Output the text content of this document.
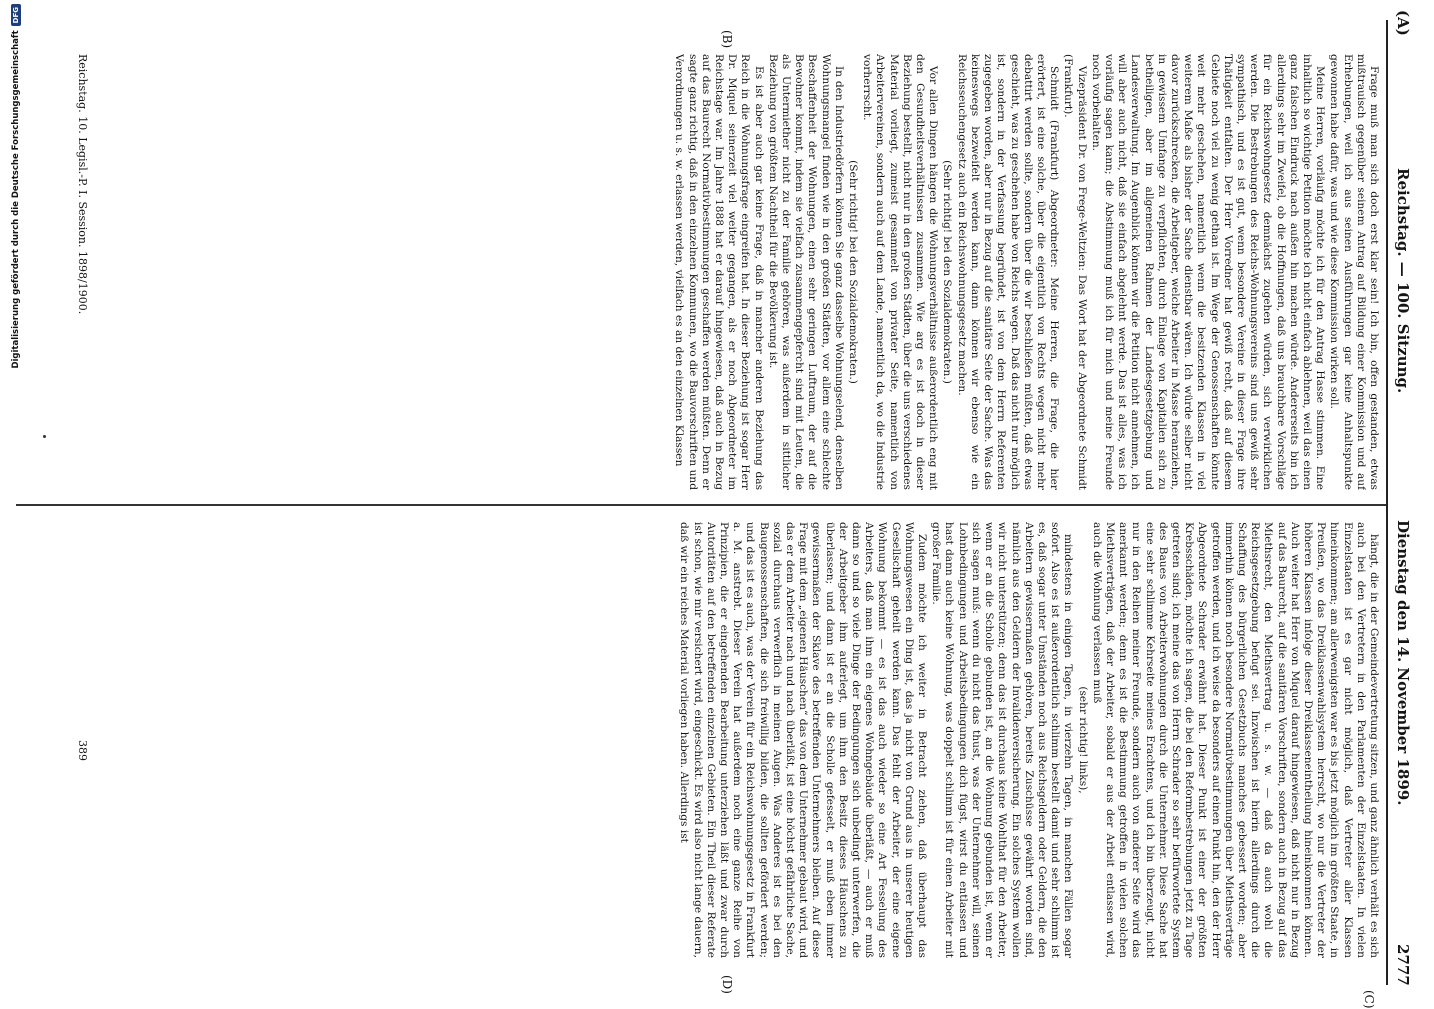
(A)
Reichstag. — 100. Sitzung.
Dienstag den 14. November 1899.
2777
(B)
(C)
(D)

Frage muß man sich doch erst klar sein! Ich bin, offen gestanden, etwas mißtrauisch gegenüber seinem Antrag auf Bildung einer Kommission und auf Erhebungen, weil ich aus seinen Ausführungen gar keine Anhaltspunkte gewonnen habe dafür, was und wie diese Kommission wirken soll.

Meine Herren, vorläufig möchte ich für den Antrag Hasse stimmen. Eine inhaltlich so wichtige Petition möchte ich nicht einfach ablehnen, weil das einen ganz falschen Eindruck nach außen hin machen würde. Andererseits bin ich allerdings sehr im Zweifel, ob die Hoffnungen, daß uns brauchbare Vorschläge für ein Reichswohngesetz demnächst zugehen würden, sich verwirklichen werden. Die Bestrebungen des Reichs-Wohnungsvereins sind uns gewiß sehr sympathisch, und es ist gut, wenn besondere Vereine in dieser Frage ihre Thätigkeit entfalten. Der Herr Vorredner hat gewiß recht, daß auf diesem Gebiete noch viel zu wenig gethan ist. Im Wege der Genossenschaften könnte weit mehr geschehen, namentlich wenn die besitzenden Klassen in viel weiterem Maße als bisher der Sache dienstbar wären. Ich würde selber nicht davor zurückschrecken, die Arbeitgeber, welche Arbeiter in Masse heranziehen, in gewissem Umfange zu verpflichten, durch Einlage von Kapitalien sich zu betheiligen, aber im allgemeinen Rahmen der Landesgesetzgebung und Landesverwaltung. Im Augenblick können wir die Petition nicht annehmen, ich will aber auch nicht, daß sie einfach abgelehnt werde. Das ist alles, was ich vorläufig sagen kann; die Abstimmung muß ich für mich und meine Freunde noch vorbehalten.

Vizepräsident Dr. von Frege-Weltzien: Das Wort hat der Abgeordnete Schmidt (Frankfurt).

Schmidt (Frankfurt) Abgeordneter: Meine Herren, die Frage, die hier erörtert, ist eine solche, über die eigentlich von Rechts wegen nicht mehr debattirt werden sollte, sondern über die wir beschließen müßten, daß etwas geschieht, was zu geschehen habe von Reichs wegen. Daß das nicht nur möglich ist, sondern in der Verfassung begründet, ist von dem Herrn Referenten zugegeben worden, aber nur in Bezug auf die sanitäre Seite der Sache. Was das keineswegs bezweifelt werden kann, dann können wir ebenso wie ein Reichsseuchengesetz auch ein Reichswohnungsgesetz machen.

(Sehr richtig! bei den Sozialdemokraten.)

Vor allen Dingen hängen die Wohnungsverhältnisse außerordentlich eng mit den Gesundheitsverhältnissen zusammen. Wie arg es ist doch in dieser Beziehung bestellt, nicht nur in den großen Städten, über die uns verschiedenes Material vorliegt, zumeist gesammelt von privater Seite, namentlich von Arbeitervereinen, sondern auch auf dem Lande, namentlich da, wo die Industrie vorherrscht.

(Sehr richtig! bei den Sozialdemokraten.)

In den Industriedörfern können Sie ganz dasselbe Wohnungselend, denselben Wohnungsmangel finden wie in den großen Städten, vor allem eine schlechte Beschaffenheit der Wohnungen, einen sehr geringen Luftraum, der auf die Bewohner kommt, indem sie vielfach zusammengepfercht sind mit Leuten, die als Untermiether nicht zu der Familie gehören, was außerdem in sittlicher Beziehung von größtem Nachtheil für die Bevölkerung ist.

Es ist aber auch gar keine Frage, daß in mancher anderen Beziehung das Reich in die Wohnungsfrage eingreifen hat. In dieser Beziehung ist sogar Herr Dr. Miquel seinerzeit viel weiter gegangen, als er noch Abgeordneter im Reichstage war. Im Jahre 1888 hat er darauf hingewiesen, daß auch in Bezug auf das Baurecht Normativbestimmungen geschaffen werden müßten. Denn er sagte ganz richtig, daß in den einzelnen Kommunen, wo die Bauvorschriften und Verordnungen u. s. w. erlassen werden, vielfach es an den einzelnen Klassen

hängt, die in der Gemeindevertretung sitzen, und ganz ähnlich verhält es sich auch bei den Vertretern in den Parlamenten der Einzelstaaten. In vielen Einzelstaaten ist es gar nicht möglich, daß Vertreter aller Klassen hineinkommen; am allerwenigsten war es bis jetzt möglich im größten Staate, in Preußen, wo das Dreiklassenwahlsystem herrscht, wo nur die Vertreter der höheren Klassen infolge dieser Dreiklasseneintheilung hineinkommen können. Auch weiter hat Herr von Miquel darauf hingewiesen, daß nicht nur in Bezug auf das Baurecht, auf die sanitären Vorschriften, sondern auch in Bezug auf das Miethsrecht, den Miethsvertrag u. s. w. — daß da auch wohl die Reichsgesetzgebung befugt sei. Inzwischen ist hierin allerdings durch die Schaffung des bürgerlichen Gesetzbuchs manches gebessert worden; aber immerhin können noch besondere Normativbestimmungen über Miethsverträge getroffen werden, und ich weise da besonders auf einen Punkt hin, den der Herr Abgeordnete Schrader erwähnt hat. Dieser Punkt ist einer der größten Krebsschäden, möchte ich sagen, die bei den Reformbestrebungen jetzt zu Tage getreten sind; ich meine das von Herrn Schrader so sehr befürwortete System des Baues von Arbeiterwohnungen durch die Unternehmer. Diese Sache hat eine sehr schlimme Kehrseite meines Erachtens, und ich bin überzeugt, nicht nur in den Reihen meiner Freunde, sondern auch von anderer Seite wird das anerkannt werden; denn es ist die Bestimmung getroffen in vielen solchen Miethsverträgen, daß der Arbeiter, sobald er aus der Arbeit entlassen wird, auch die Wohnung verlassen muß

(sehr richtig! links),

mindestens in einigen Tagen, in vierzehn Tagen, in manchen Fällen sogar sofort. Also es ist außerordentlich schlimm bestellt damit und sehr schlimm ist es, daß sogar unter Umständen noch aus Reichsgeldern oder Geldern, die den Arbeitern gewissermaßen gehören, bereits Zuschüsse gewährt worden sind, nämlich aus den Geldern der Invalidenversicherung. Ein solches System wollen wir nicht unterstützen; denn das ist durchaus keine Wohlthat für den Arbeiter, wenn er an die Scholle gebunden ist, an die Wohnung gebunden ist, wenn er sich sagen muß: wenn du nicht das thust, was der Unternehmer will, seinen Lohnbedingungen und Arbeitsbedingungen dich fügst, wirst du entlassen und hast dann auch keine Wohnung, was doppelt schlimm ist für einen Arbeiter mit großer Familie.

Zudem möchte ich weiter in Betracht ziehen, daß überhaupt das Wohnungswesen ein Ding ist, das ja nicht von Grund aus in unserer heutigen Gesellschaft geheilt werden kann. Das fehlt der Arbeiter, der eine eigene Wohnung bekommt — es ist das auch wieder so eine Art Fesselung des Arbeiters, daß man ihm ein eigenes Wohngebäude überläßt, — auch er muß dann so und so viele Dinge der Bedingungen sich unbedingt unterwerfen, die der Arbeitgeber ihm auferlegt, um ihm den Besitz dieses Häuschens zu überlassen; und dann ist er an die Scholle gefesselt, er muß eben immer gewissermaßen der Sklave des betreffenden Unternehmers bleiben. Auf diese Frage mit dem „eigenen Häuschen“ das von dem Unternehmer gebaut wird, und das er dem Arbeiter nach und nach überläßt, ist eine höchst gefährliche Sache, sozial durchaus verwerflich in meinen Augen. Was Anderes ist es bei den Baugenossenschaften, die sich freiwillig bilden, die sollten gefördert werden; und das ist es auch, was der Verein für ein Reichswohnungsgesetz in Frankfurt a. M. anstrebt. Dieser Verein hat außerdem noch eine ganze Reihe von Prinzipien, die er eingehenden Bearbeitung unterziehen läßt und zwar durch Autoritäten auf den betreffenden einzelnen Gebieten. Ein Theil dieser Referate ist schon, wie mir versichert wird, eingeschickt. Es wird also nicht lange dauern, daß wir ein reiches Material vorliegen haben. Allerdings ist

Reichstag. 10. Legisl.-P. I. Session. 1898/1900.
389
Digitalisierung gefördert durch die Deutsche Forschungsgemeinschaft
DFG
